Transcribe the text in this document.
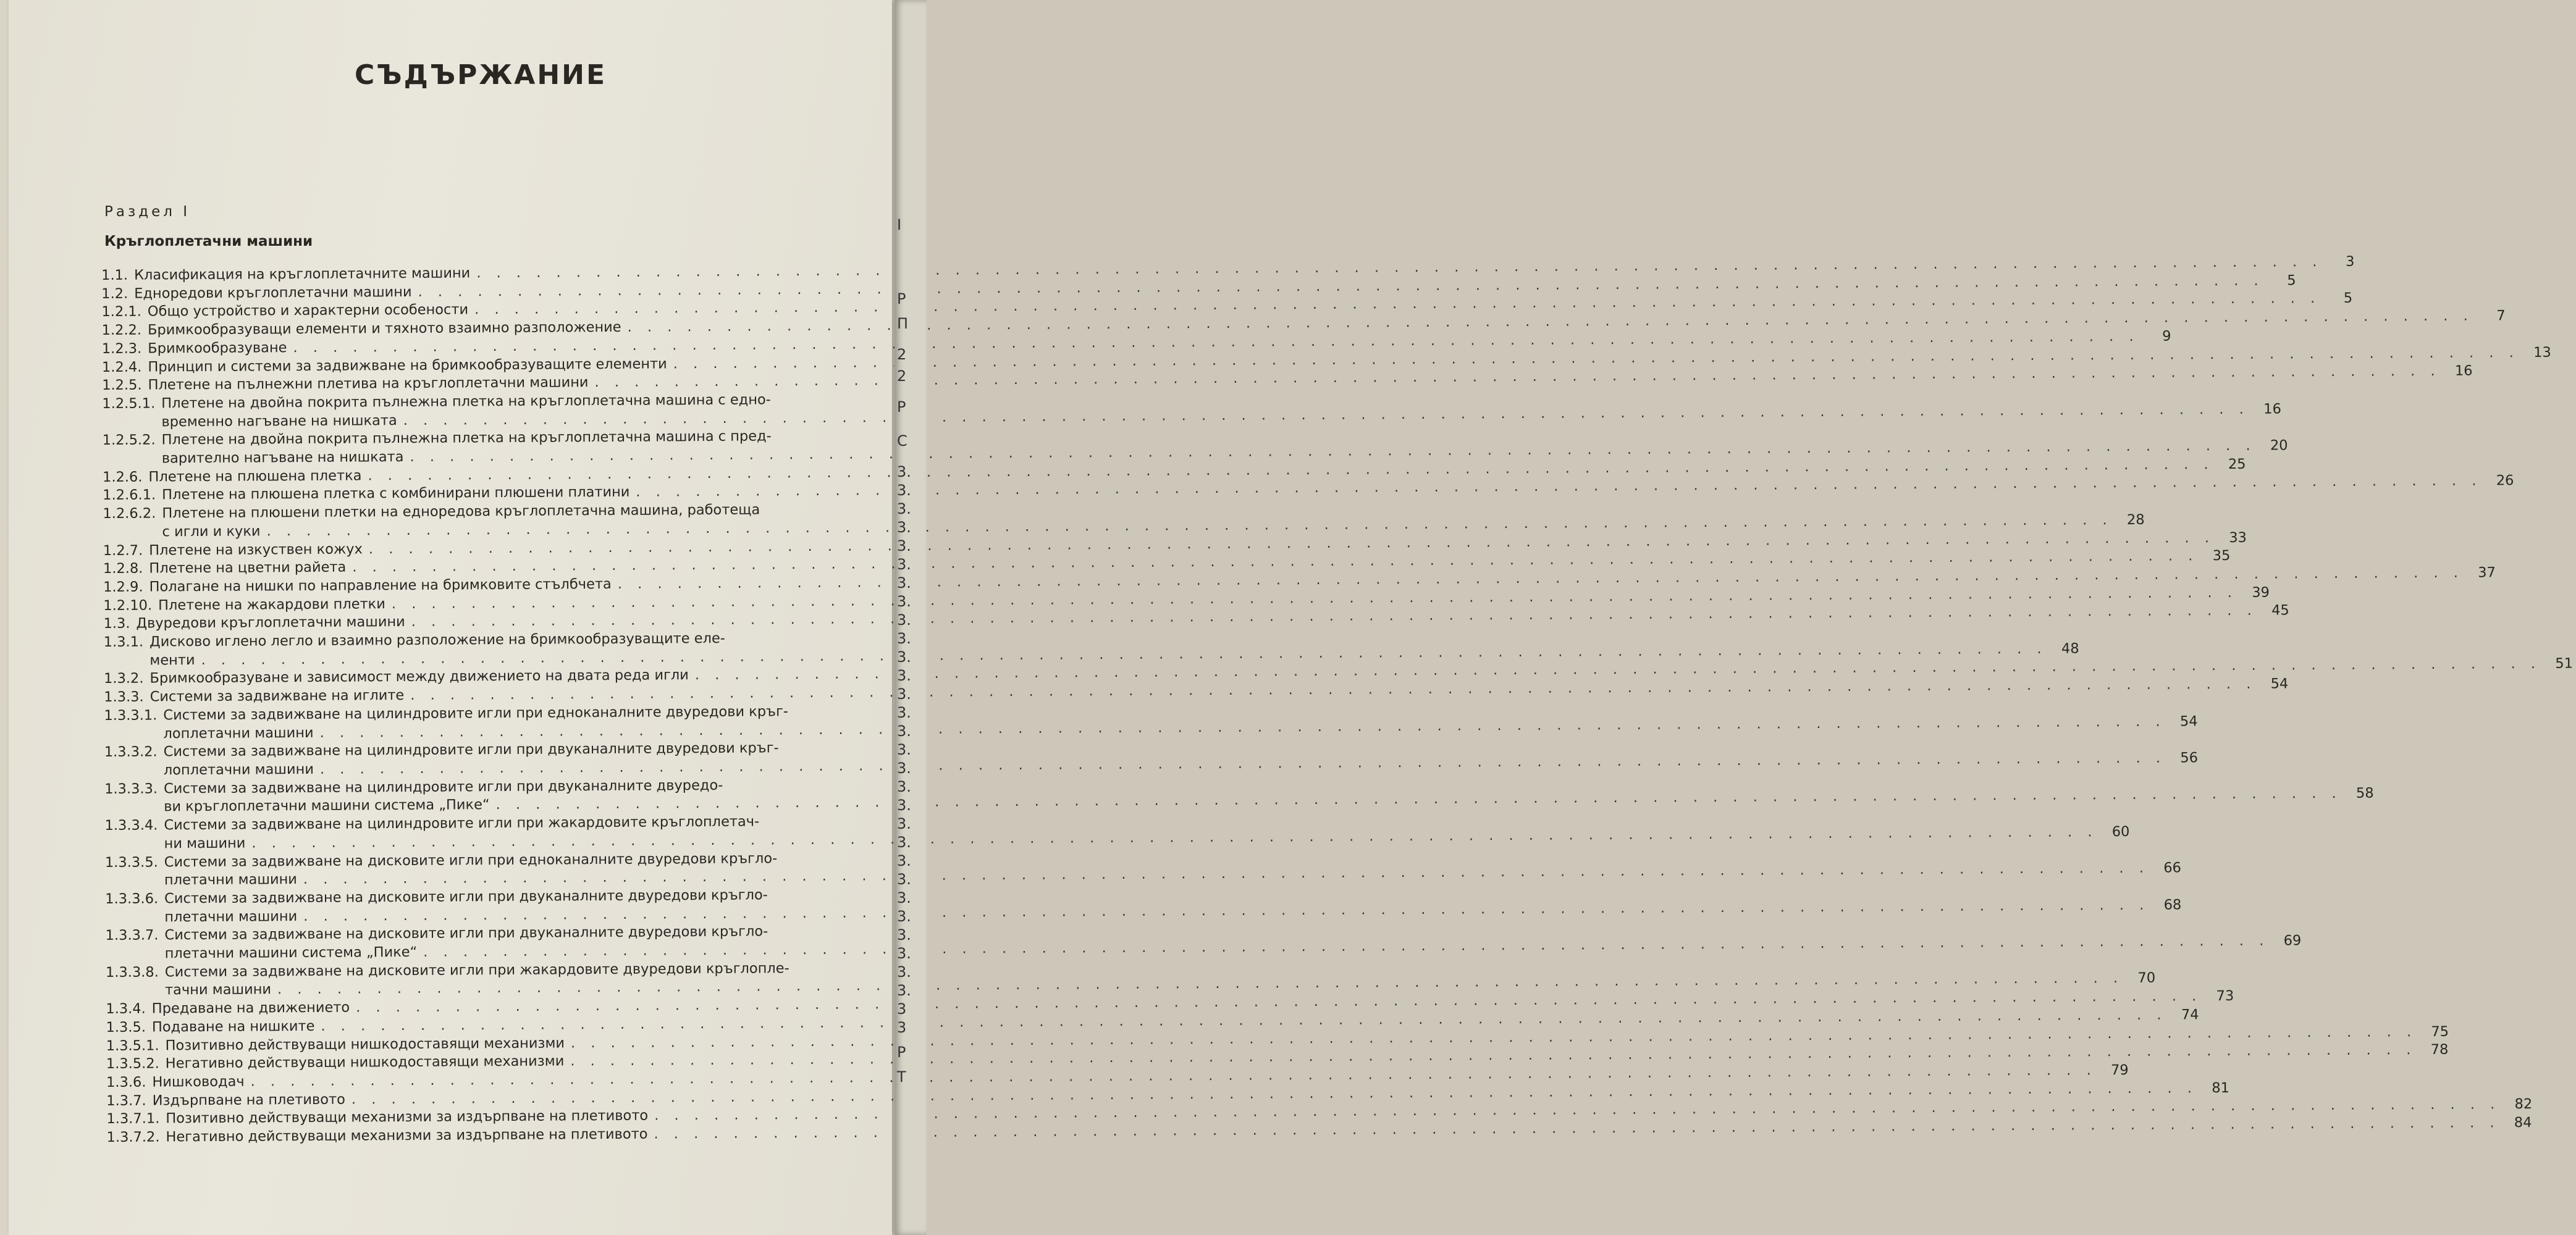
СЪДЪРЖАНИЕ
Раздел I
Кръглоплетачни машини
1.1. Класификация на кръглоплетачните машини
. . .
3
1.2. Едноредови кръглоплетачни машини
. . .
5
1.2.1. Общо устройство и характерни особености
. . .
5
1.2.2. Бримкообразуващи елементи и тяхното взаимно разположение
. . .
7
1.2.3. Бримкообразуване
. . .
9
1.2.4. Принцип и системи за задвижване на бримкообразуващите елементи
. . .
13
1.2.5. Плетене на пълнежни плетива на кръглоплетачни машини
. . .
16
1.2.5.1. Плетене на двойна покрита пълнежна плетка на кръглоплетачна машина с едно-
временно нагъване на нишката
. . .
16
1.2.5.2. Плетене на двойна покрита пълнежна плетка на кръглоплетачна машина с пред-
варително нагъване на нишката
. . .
20
1.2.6. Плетене на плюшена плетка
. . .
25
1.2.6.1. Плетене на плюшена плетка с комбинирани плюшени платини
. . .
26
1.2.6.2. Плетене на плюшени плетки на едноредова кръглоплетачна машина, работеща
с игли и куки
. . .
28
1.2.7. Плетене на изкуствен кожух
. . .
33
1.2.8. Плетене на цветни райета
. . .
35
1.2.9. Полагане на нишки по направление на бримковите стълбчета
. . .
37
1.2.10. Плетене на жакардови плетки
. . .
39
1.3. Двуредови кръглоплетачни машини
. . .
45
1.3.1. Дисково иглено легло и взаимно разположение на бримкообразуващите еле-
менти
. . .
48
1.3.2. Бримкообразуване и зависимост между движението на двата реда игли
. . .
51
1.3.3. Системи за задвижване на иглите
. . .
54
1.3.3.1. Системи за задвижване на цилиндровите игли при едноканалните двуредови кръг-
лоплетачни машини
. . .
54
1.3.3.2. Системи за задвижване на цилиндровите игли при двуканалните двуредови кръг-
лоплетачни машини
. . .
56
1.3.3.3. Системи за задвижване на цилиндровите игли при двуканалните двуредо-
ви кръглоплетачни машини система „Пике“
. . .
58
1.3.3.4. Системи за задвижване на цилиндровите игли при жакардовите кръглоплетач-
ни машини
. . .
60
1.3.3.5. Системи за задвижване на дисковите игли при едноканалните двуредови кръгло-
плетачни машини
. . .
66
1.3.3.6. Системи за задвижване на дисковите игли при двуканалните двуредови кръгло-
плетачни машини
. . .
68
1.3.3.7. Системи за задвижване на дисковите игли при двуканалните двуредови кръгло-
плетачни машини система „Пике“
. . .
69
1.3.3.8. Системи за задвижване на дисковите игли при жакардовите двуредови кръглопле-
тачни машини
. . .
70
1.3.4. Предаване на движението
. . .
73
1.3.5. Подаване на нишките
. . .
74
1.3.5.1. Позитивно действуващи нишкодоставящи механизми
. . .
75
1.3.5.2. Негативно действуващи нишкодоставящи механизми
. . .
78
1.3.6. Нишководач
. . .
79
1.3.7. Издърпване на плетивото
. . .
81
1.3.7.1. Позитивно действуващи механизми за издърпване на плетивото
. . .
82
1.3.7.2. Негативно действуващи механизми за издърпване на плетивото
. . .
84
I
Р
П
2
2
Р
С
3.
3.
3.
3.
3.
3.
3.
3.
3.
3.
3.
3.
3.
3.
3.
3.
3.
3.
3.
3.
3.
3.
3.
3.
3.
3.
3.
3.
3.
3
3
Р
Т
